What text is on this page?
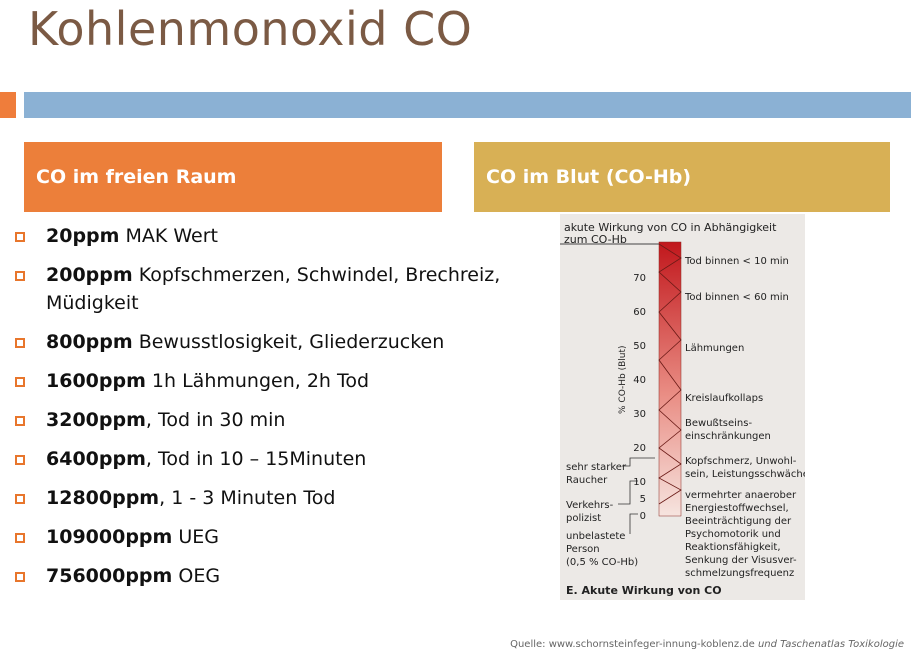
Kohlenmonoxid CO
CO im freien Raum	CO im Blut (CO-Hb)
20ppm MAK Wert
200ppm Kopfschmerzen, Schwindel, Brechreiz, Müdigkeit
800ppm Bewusstlosigkeit, Gliederzucken
1600ppm 1h Lähmungen, 2h Tod
3200ppm, Tod in 30 min
6400ppm, Tod in 10 – 15Minuten
12800ppm, 1 - 3 Minuten Tod
109000ppm UEG
756000ppm OEG
akute Wirkung von CO in Abhängigkeit
zum CO-Hb
% CO-Hb (Blut)
70
60
50
40
30
20
10
5
0
Tod binnen < 10 min
Tod binnen < 60 min
Lähmungen
Kreislaufkollaps
Bewußtseins-
einschränkungen
Kopfschmerz, Unwohl-
sein, Leistungsschwäche
vermehrter anaerober
Energiestoffwechsel,
Beeinträchtigung der
Psychomotorik und
Reaktionsfähigkeit,
Senkung der Visusver-
schmelzungsfrequenz
sehr starker
Raucher
Verkehrs-
polizist
unbelastete
Person
(0,5 % CO-Hb)
E. Akute Wirkung von CO
Quelle: www.schornsteinfeger-innung-koblenz.de und Taschenatlas Toxikologie
